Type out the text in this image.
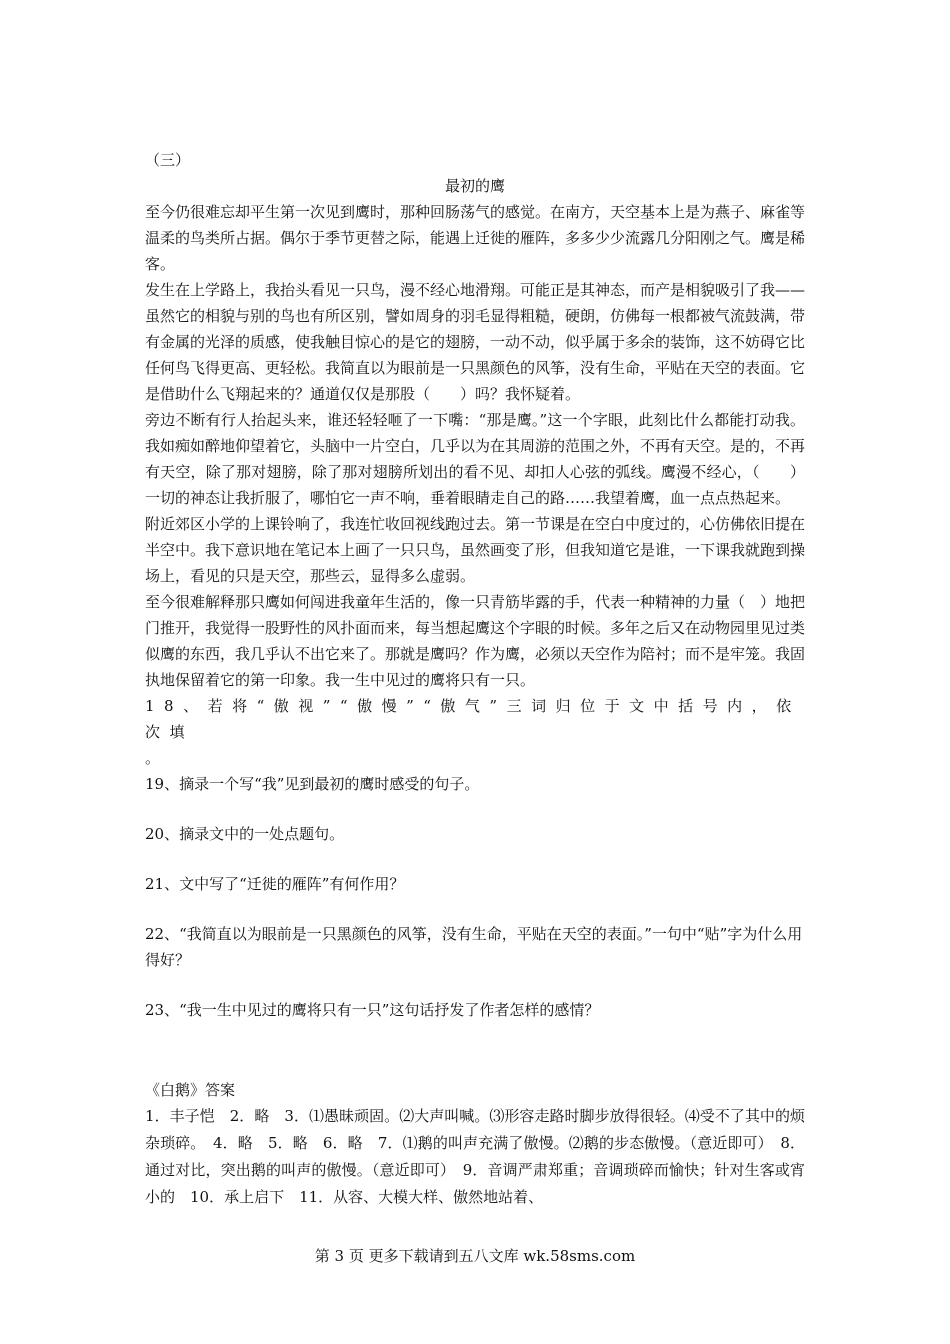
（三）

最初的鹰

至今仍很难忘却平生第一次见到鹰时，那种回肠荡气的感觉。在南方，天空基本上是为燕子、麻雀等温柔的鸟类所占据。偶尔于季节更替之际，能遇上迁徙的雁阵，多多少少流露几分阳刚之气。鹰是稀客。

发生在上学路上，我抬头看见一只鸟，漫不经心地滑翔。可能正是其神态，而产是相貌吸引了我——虽然它的相貌与别的鸟也有所区别，譬如周身的羽毛显得粗糙，硬朗，仿佛每一根都被气流鼓满，带有金属的光泽的质感，使我触目惊心的是它的翅膀，一动不动，似乎属于多余的装饰，这不妨碍它比任何鸟飞得更高、更轻松。我简直以为眼前是一只黑颜色的风筝，没有生命，平贴在天空的表面。它是借助什么飞翔起来的？通道仅仅是那股（　　）吗？我怀疑着。

旁边不断有行人抬起头来，谁还轻轻咂了一下嘴：“那是鹰。”这一个字眼，此刻比什么都能打动我。我如痴如醉地仰望着它，头脑中一片空白，几乎以为在其周游的范围之外，不再有天空。是的，不再有天空，除了那对翅膀，除了那对翅膀所划出的看不见、却扣人心弦的弧线。鹰漫不经心，（　　）一切的神态让我折服了，哪怕它一声不响，垂着眼睛走自己的路……我望着鹰，血一点点热起来。

附近郊区小学的上课铃响了，我连忙收回视线跑过去。第一节课是在空白中度过的，心仿佛依旧提在半空中。我下意识地在笔记本上画了一只只鸟，虽然画变了形，但我知道它是谁，一下课我就跑到操场上，看见的只是天空，那些云，显得多么虚弱。

至今很难解释那只鹰如何闯进我童年生活的，像一只青筋毕露的手，代表一种精神的力量（　）地把门推开，我觉得一股野性的风扑面而来，每当想起鹰这个字眼的时候。多年之后又在动物园里见过类似鹰的东西，我几乎认不出它来了。那就是鹰吗？作为鹰，必须以天空作为陪衬；而不是牢笼。我固执地保留着它的第一印象。我一生中见过的鹰将只有一只。

18、若将“傲视”“傲慢”“傲气”三词归位于文中括号内，依次填
。

19、摘录一个写“我”见到最初的鹰时感受的句子。

20、摘录文中的一处点题句。

21、文中写了“迁徙的雁阵”有何作用？

22、“我简直以为眼前是一只黑颜色的风筝，没有生命，平贴在天空的表面。”一句中“贴”字为什么用得好？

23、“我一生中见过的鹰将只有一只”这句话抒发了作者怎样的感情？

《白鹅》答案

1．丰子恺　2．略　3．⑴愚昧顽固。⑵大声叫喊。⑶形容走路时脚步放得很轻。⑷受不了其中的烦杂琐碎。　4．略　5．略　6．略　7．⑴鹅的叫声充满了傲慢。⑵鹅的步态傲慢。（意近即可）　8．通过对比，突出鹅的叫声的傲慢。（意近即可）　9．音调严肃郑重；音调琐碎而愉快；针对生客或宵小的　10．承上启下　11．从容、大模大样、傲然地站着、

第 3 页 更多下载请到五八文库 wk.58sms.com
